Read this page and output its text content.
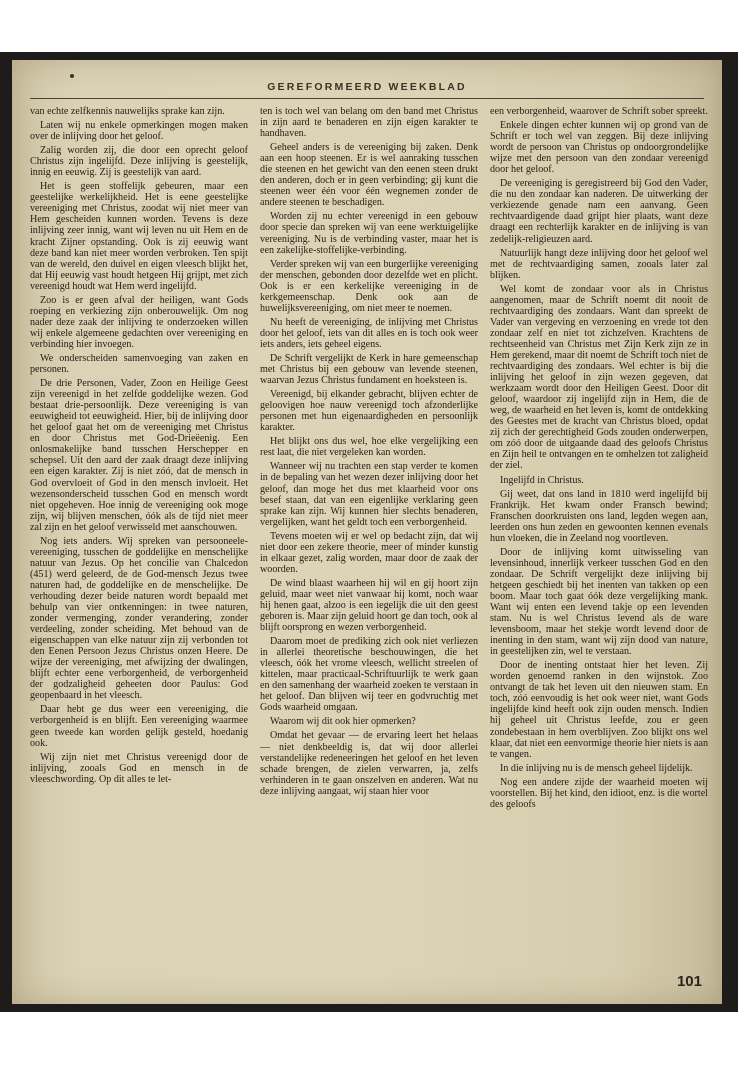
GEREFORMEERD WEEKBLAD

van echte zelfkennis nauwelijks sprake kan zijn.

Laten wij nu enkele opmerkingen mogen maken over de inlijving door het geloof.

Zalig worden zij, die door een oprecht geloof Christus zijn ingelijfd. Deze inlijving is geestelijk, innig en eeuwig. Zij is geestelijk van aard.

Het is geen stoffelijk gebeuren, maar een geestelijke werkelijkheid. Het is eene geestelijke vereeniging met Christus, zoodat wij niet meer van Hem gescheiden kunnen worden. Tevens is deze inlijving zeer innig, want wij leven nu uit Hem en de kracht Zijner opstanding. Ook is zij eeuwig want deze band kan niet meer worden verbroken. Ten spijt van de wereld, den duivel en eigen vleesch blijkt het, dat Hij eeuwig vast houdt hetgeen Hij grijpt, met zich vereenigd houdt wat Hem werd ingelijfd.

Zoo is er geen afval der heiligen, want Gods roeping en verkiezing zijn onberouwelijk. Om nog nader deze zaak der inlijving te onderzoeken willen wij enkele algemeene gedachten over vereeniging en verbinding hier invoegen.

We onderscheiden samenvoeging van zaken en personen.

De drie Personen, Vader, Zoon en Heilige Geest zijn vereenigd in het zelfde goddelijke wezen. God bestaat drie-persoonlijk. Deze vereeniging is van eeuwigheid tot eeuwigheid. Hier, bij de inlijving door het geloof gaat het om de vereeniging met Christus en door Christus met God-Drieëenig. Een onlosmakelijke band tusschen Herschepper en schepsel. Uit den aard der zaak draagt deze inlijving een eigen karakter. Zij is niet zóó, dat de mensch in God overvloeit of God in den mensch invloeit. Het wezensonderscheid tusschen God en mensch wordt niet opgeheven. Hoe innig de vereeniging ook moge zijn, wij blijven menschen, óók als de tijd niet meer zal zijn en het geloof verwisseld met aanschouwen.

Nog iets anders. Wij spreken van persooneele-vereeniging, tusschen de goddelijke en menschelijke natuur van Jezus. Op het concilie van Chalcedon (451) werd geleerd, de de God-mensch Jezus twee naturen had, de goddelijke en de menschelijke. De verhouding dezer beide naturen wordt bepaald met behulp van vier ontkenningen: in twee naturen, zonder vermenging, zonder verandering, zonder verdeeling, zonder scheiding. Met behoud van de eigenschappen van elke natuur zijn zij verbonden tot den Eenen Persoon Jezus Christus onzen Heere. De wijze der vereeniging, met afwijzing der dwalingen, blijft echter eene verborgenheid, de verborgenheid der godzaligheid geheeten door Paulus: God geopenbaard in het vleesch.

Daar hebt ge dus weer een vereeniging, die verborgenheid is en blijft. Een vereeniging waarmee geen tweede kan worden gelijk gesteld, hoedanig ook.

Wij zijn niet met Christus vereenigd door de inlijving, zooals God en mensch in de vleeschwording. Op dit alles te let-

ten is toch wel van belang om den band met Christus in zijn aard te benaderen en zijn eigen karakter te handhaven.

Geheel anders is de vereeniging bij zaken. Denk aan een hoop steenen. Er is wel aanraking tusschen die steenen en het gewicht van den eenen steen drukt den anderen, doch er in geen verbinding; gij kunt die steenen weer één voor één wegnemen zonder de andere steenen te beschadigen.

Worden zij nu echter vereenigd in een gebouw door specie dan spreken wij van eene werktuigelijke vereeniging. Nu is de verbinding vaster, maar het is een zakelijke-stoffelijke-verbinding.

Verder spreken wij van een burgerlijke vereeniging der menschen, gebonden door dezelfde wet en plicht. Ook is er een kerkelijke vereeniging in de kerkgemeenschap. Denk ook aan de huwelijksvereeniging, om niet meer te noemen.

Nu heeft de vereeniging, de inlijving met Christus door het geloof, iets van dit alles en is toch ook weer iets anders, iets geheel eigens.

De Schrift vergelijkt de Kerk in hare gemeenschap met Christus bij een gebouw van levende steenen, waarvan Jezus Christus fundament en hoeksteen is.

Vereenigd, bij elkander gebracht, blijven echter de geloovigen hoe nauw vereenigd toch afzonderlijke personen met hun eigenaardigheden en persoonlijk karakter.

Het blijkt ons dus wel, hoe elke vergelijking een rest laat, die niet vergeleken kan worden.

Wanneer wij nu trachten een stap verder te komen in de bepaling van het wezen dezer inlijving door het geloof, dan moge het dus met klaarheid voor ons besef staan, dat van een eigenlijke verklaring geen sprake kan zijn. Wij kunnen hier slechts benaderen, vergelijken, want het geldt toch een verborgenheid.

Tevens moeten wij er wel op bedacht zijn, dat wij niet door een zekere theorie, meer of minder kunstig in elkaar gezet, zalig worden, maar door de zaak der woorden.

De wind blaast waarheen hij wil en gij hoort zijn geluid, maar weet niet vanwaar hij komt, noch waar hij henen gaat, alzoo is een iegelijk die uit den geest geboren is. Maar zijn geluid hoort ge dan toch, ook al blijft oorsprong en wezen verborgenheid.

Daarom moet de prediking zich ook niet verliezen in allerlei theoretische beschouwingen, die het vleesch, óók het vrome vleesch, wellicht streelen of kittelen, maar practicaal-Schriftuurlijk te werk gaan en den samenhang der waarheid zoeken te verstaan in het geloof. Dan blijven wij teer en godvruchtig met Gods waarheid omgaan.

Waarom wij dit ook hier opmerken?

Omdat het gevaar — de ervaring leert het helaas — niet denkbeeldig is, dat wij door allerlei verstandelijke redeneeringen het geloof en het leven schade brengen, de zielen verwarren, ja, zelfs verhinderen in te gaan onszelven en anderen. Wat nu deze inlijving aangaat, wij staan hier voor

een verborgenheid, waarover de Schrift sober spreekt.

Enkele dingen echter kunnen wij op grond van de Schrift er toch wel van zeggen. Bij deze inlijving wordt de persoon van Christus op ondoorgrondelijke wijze met den persoon van den zondaar vereenigd door het geloof.

De vereeniging is geregistreerd bij God den Vader, die nu den zondaar kan naderen. De uitwerking der verkiezende genade nam een aanvang. Geen rechtvaardigende daad grijpt hier plaats, want deze draagt een rechterlijk karakter en de inlijving is van zedelijk-religieuzen aard.

Natuurlijk hangt deze inlijving door het geloof wel met de rechtvaardiging samen, zooals later zal blijken.

Wel komt de zondaar voor als in Christus aangenomen, maar de Schrift noemt dit nooit de rechtvaardiging des zondaars. Want dan spreekt de Vader van vergeving en verzoening en vrede tot den zondaar zelf en niet tot zichzelven. Krachtens de rechtseenheid van Christus met Zijn Kerk zijn ze in Hem gerekend, maar dit noemt de Schrift toch niet de rechtvaardiging des zondaars. Wel echter is bij die inlijving het geloof in zijn wezen gegeven, dat werkzaam wordt door den Heiligen Geest. Door dit geloof, waardoor zij ingelijfd zijn in Hem, die de weg, de waarheid en het leven is, komt de ontdekking des Geestes met de kracht van Christus bloed, opdat zij zich der gerechtigheid Gods zouden onderwerpen, om zóó door de uitgaande daad des geloofs Christus en Zijn heil te ontvangen en te omhelzen tot zaligheid der ziel.

Ingelijfd in Christus.

Gij weet, dat ons land in 1810 werd ingelijfd bij Frankrijk. Het kwam onder Fransch bewind; Franschen doorkruisten ons land, legden wegen aan, leerden ons hun zeden en gewoonten kennen evenals hun vloeken, die in Zeeland nog voortleven.

Door de inlijving komt uitwisseling van levensinhoud, innerlijk verkeer tusschen God en den zondaar. De Schrift vergelijkt deze inlijving bij hetgeen geschiedt bij het inenten van takken op een boom. Maar toch gaat óók deze vergelijking mank. Want wij enten een levend takje op een levenden stam. Nu is wel Christus levend als de ware levensboom, maar het stekje wordt levend door de inenting in den stam, want wij zijn dood van nature, in geestelijken zin, wel te verstaan.

Door de inenting ontstaat hier het leven. Zij worden genoemd ranken in den wijnstok. Zoo ontvangt de tak het leven uit den nieuwen stam. En toch, zóó eenvoudig is het ook weer niet, want Gods ingelijfde kind heeft ook zijn ouden mensch. Indien hij geheel uit Christus leefde, zou er geen zondebestaan in hem overblijven. Zoo blijkt ons wel klaar, dat niet een eenvormige theorie hier niets is aan te vangen.

In die inlijving nu is de mensch geheel lijdelijk.

Nog een andere zijde der waarheid moeten wij voorstellen. Bij het kind, den idioot, enz. is die wortel des geloofs

101
